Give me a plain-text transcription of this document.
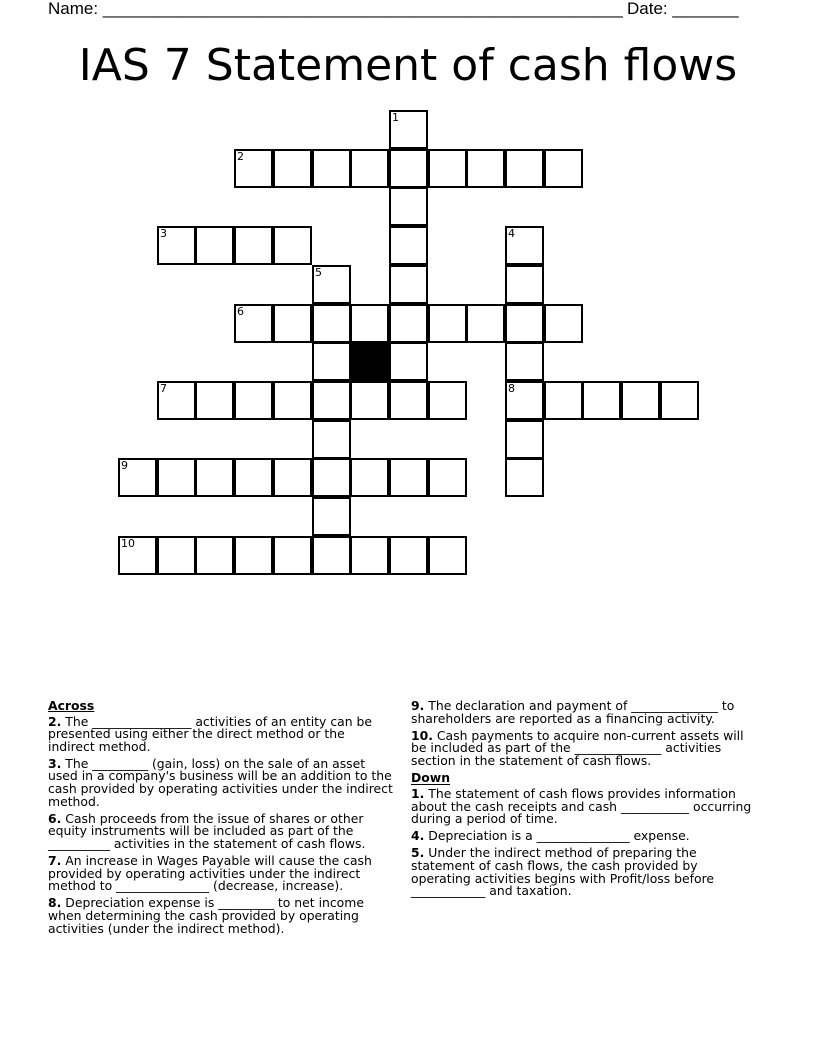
Name: _______________________________________________________ Date: _______
IAS 7 Statement of cash flows
2
3
6
7	8
9
10
1
4
5
Across
2. The ________________ activities of an entity can be presented using either the direct method or the indirect method.
3. The _________ (gain, loss) on the sale of an asset used in a company's business will be an addition to the cash provided by operating activities under the indirect method.
6. Cash proceeds from the issue of shares or other equity instruments will be included as part of the __________ activities in the statement of cash flows.
7. An increase in Wages Payable will cause the cash provided by operating activities under the indirect method to _______________ (decrease, increase).
8. Depreciation expense is _________ to net income when determining the cash provided by operating activities (under the indirect method).
9. The declaration and payment of ______________ to shareholders are reported as a financing activity.
10. Cash payments to acquire non-current assets will be included as part of the ______________ activities section in the statement of cash flows.
Down
1. The statement of cash flows provides information about the cash receipts and cash ___________ occurring during a period of time.
4. Depreciation is a _______________ expense.
5. Under the indirect method of preparing the statement of cash flows, the cash provided by operating activities begins with Profit/loss before ____________ and taxation.
